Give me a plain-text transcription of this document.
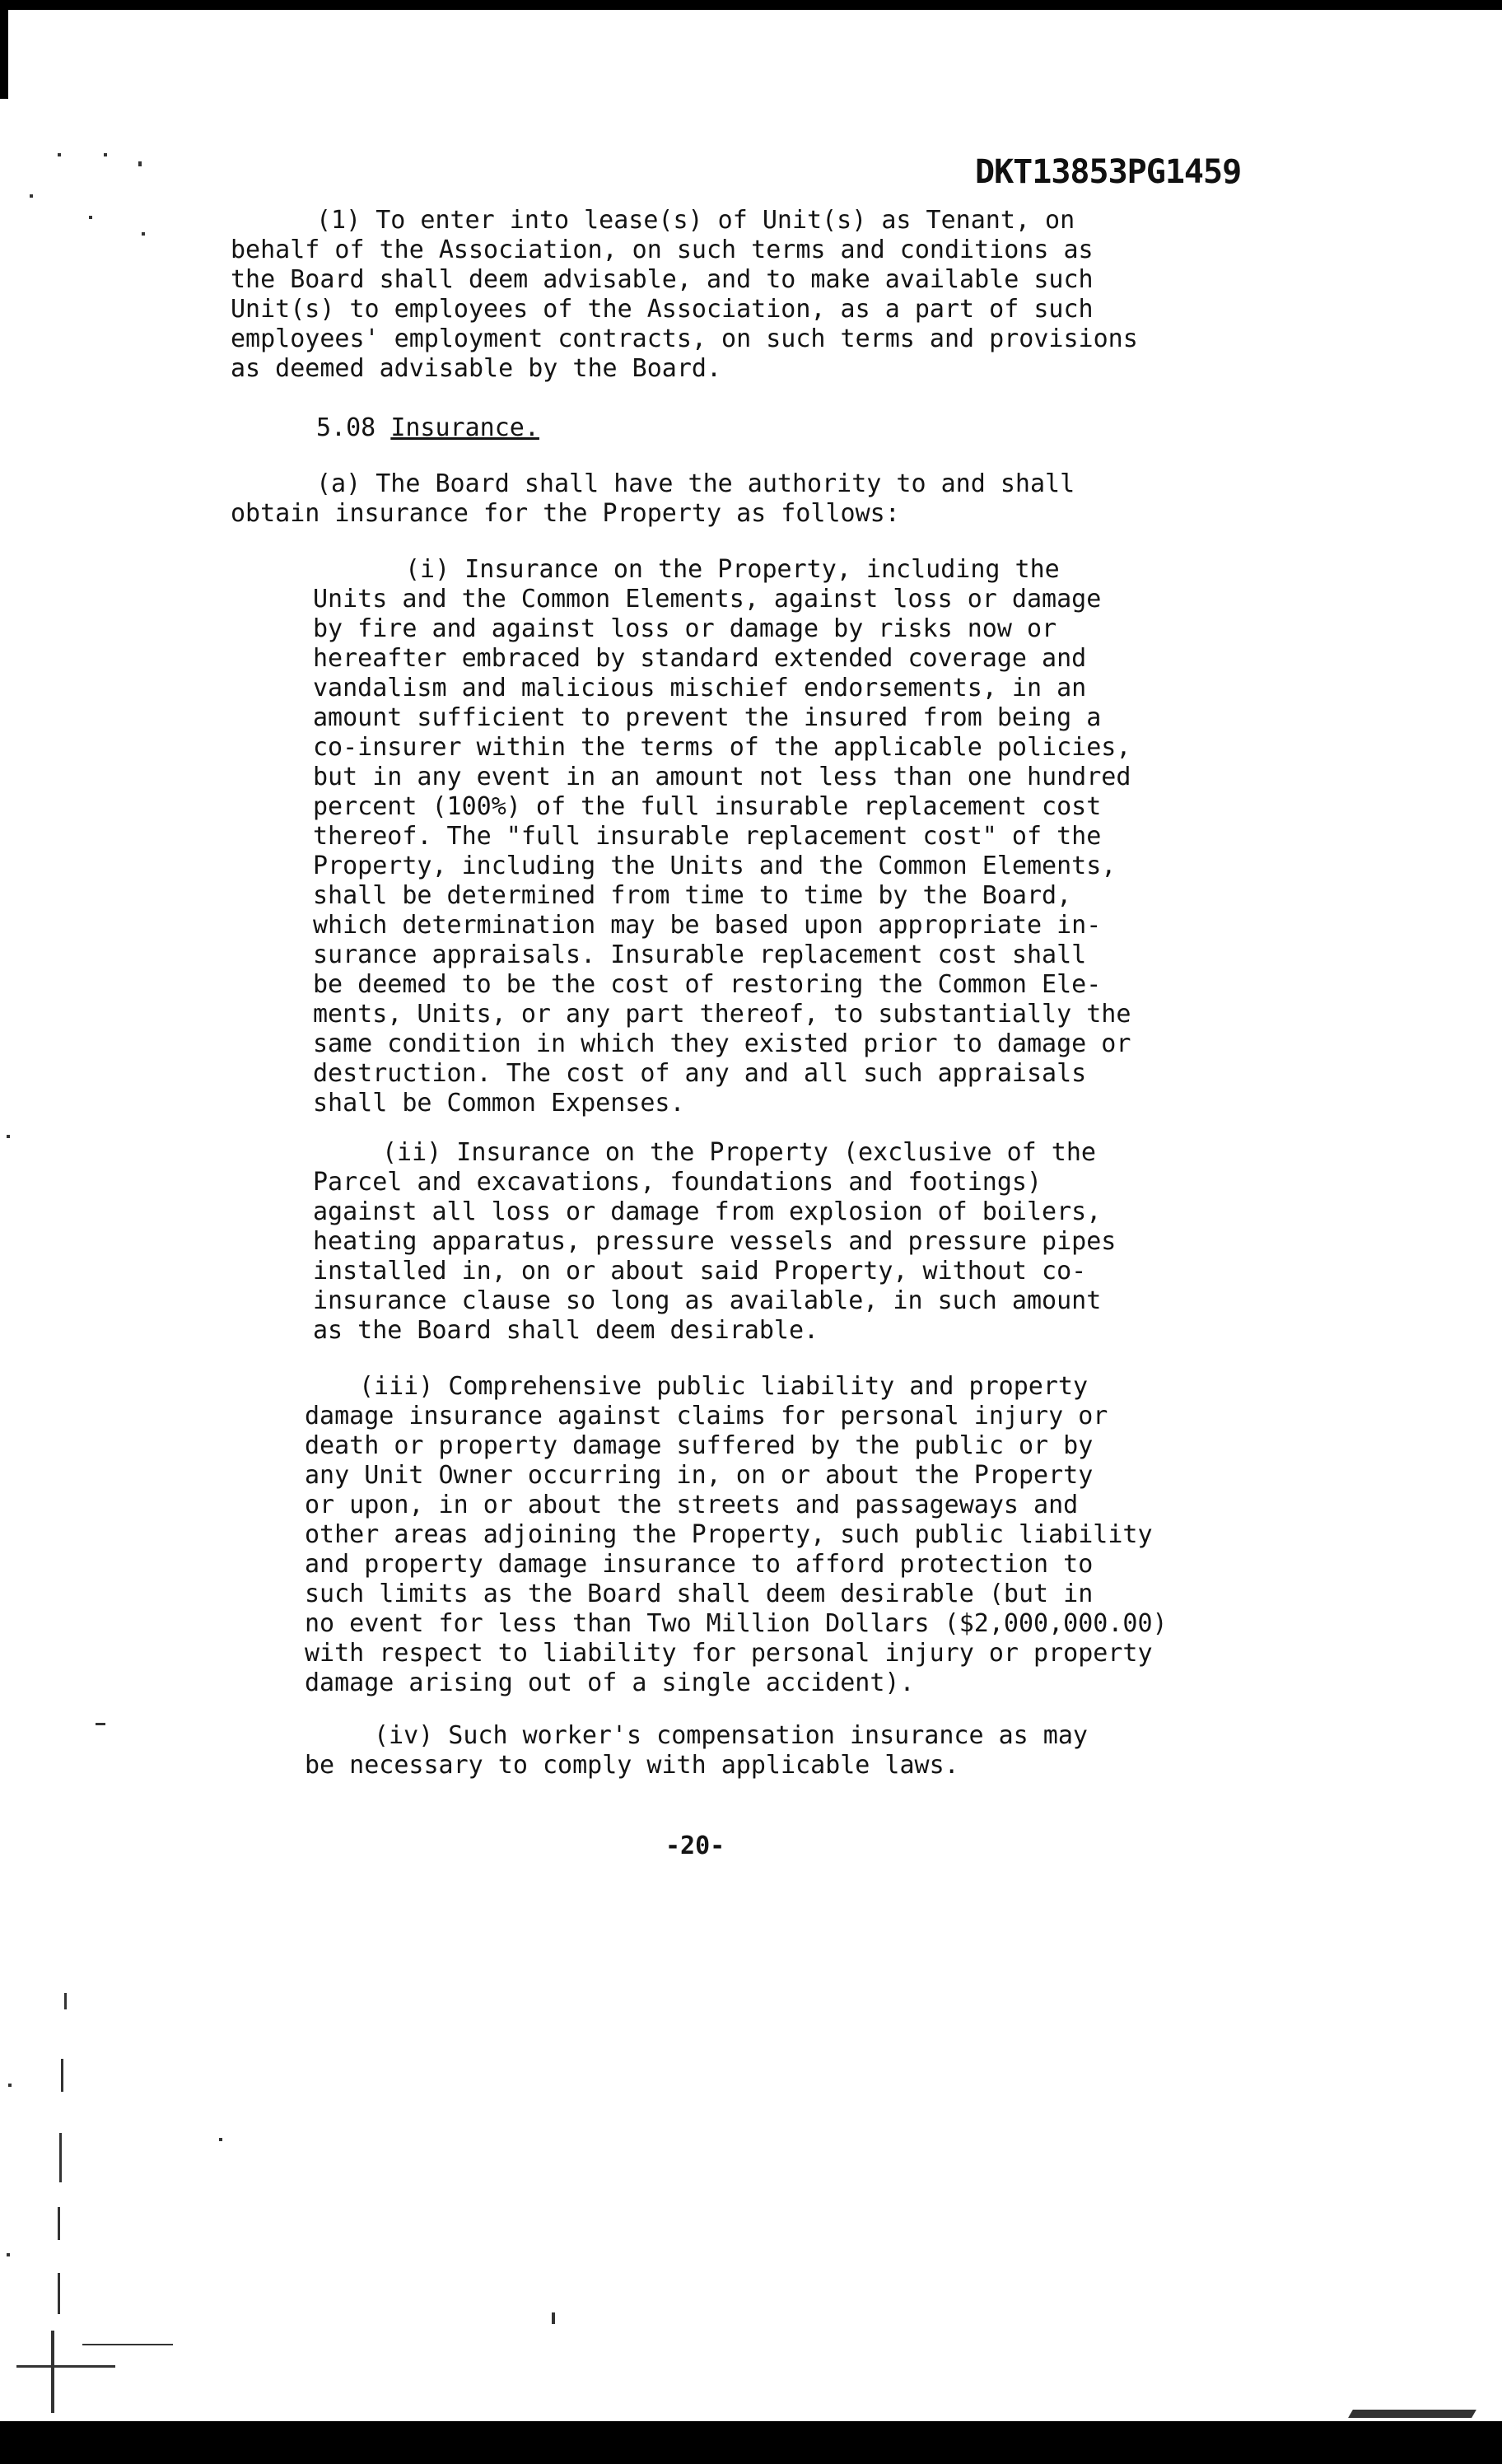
DKT13853PG1459

(1) To enter into lease(s) of Unit(s) as Tenant, on
behalf of the Association, on such terms and conditions as
the Board shall deem advisable, and to make available such
Unit(s) to employees of the Association, as a part of such
employees' employment contracts, on such terms and provisions
as deemed advisable by the Board.

5.08 Insurance.

(a) The Board shall have the authority to and shall
obtain insurance for the Property as follows:

(i) Insurance on the Property, including the
Units and the Common Elements, against loss or damage
by fire and against loss or damage by risks now or
hereafter embraced by standard extended coverage and
vandalism and malicious mischief endorsements, in an
amount sufficient to prevent the insured from being a
co-insurer within the terms of the applicable policies,
but in any event in an amount not less than one hundred
percent (100%) of the full insurable replacement cost
thereof. The "full insurable replacement cost" of the
Property, including the Units and the Common Elements,
shall be determined from time to time by the Board,
which determination may be based upon appropriate in-
surance appraisals. Insurable replacement cost shall
be deemed to be the cost of restoring the Common Ele-
ments, Units, or any part thereof, to substantially the
same condition in which they existed prior to damage or
destruction. The cost of any and all such appraisals
shall be Common Expenses.

(ii) Insurance on the Property (exclusive of the
Parcel and excavations, foundations and footings)
against all loss or damage from explosion of boilers,
heating apparatus, pressure vessels and pressure pipes
installed in, on or about said Property, without co-
insurance clause so long as available, in such amount
as the Board shall deem desirable.

(iii) Comprehensive public liability and property
damage insurance against claims for personal injury or
death or property damage suffered by the public or by
any Unit Owner occurring in, on or about the Property
or upon, in or about the streets and passageways and
other areas adjoining the Property, such public liability
and property damage insurance to afford protection to
such limits as the Board shall deem desirable (but in
no event for less than Two Million Dollars ($2,000,000.00)
with respect to liability for personal injury or property
damage arising out of a single accident).

(iv) Such worker's compensation insurance as may
be necessary to comply with applicable laws.

-20-
